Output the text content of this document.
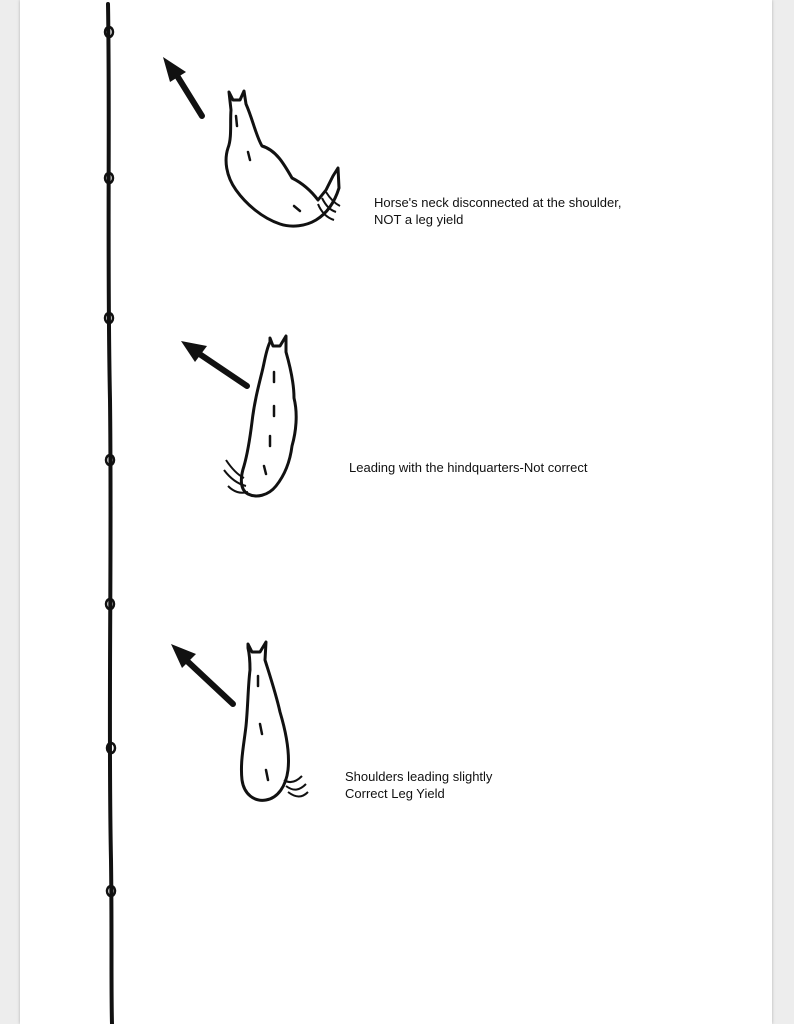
Horse's neck disconnected at the shoulder,
NOT a leg yield
Leading with the hindquarters-Not correct
Shoulders leading slightly
Correct Leg Yield
